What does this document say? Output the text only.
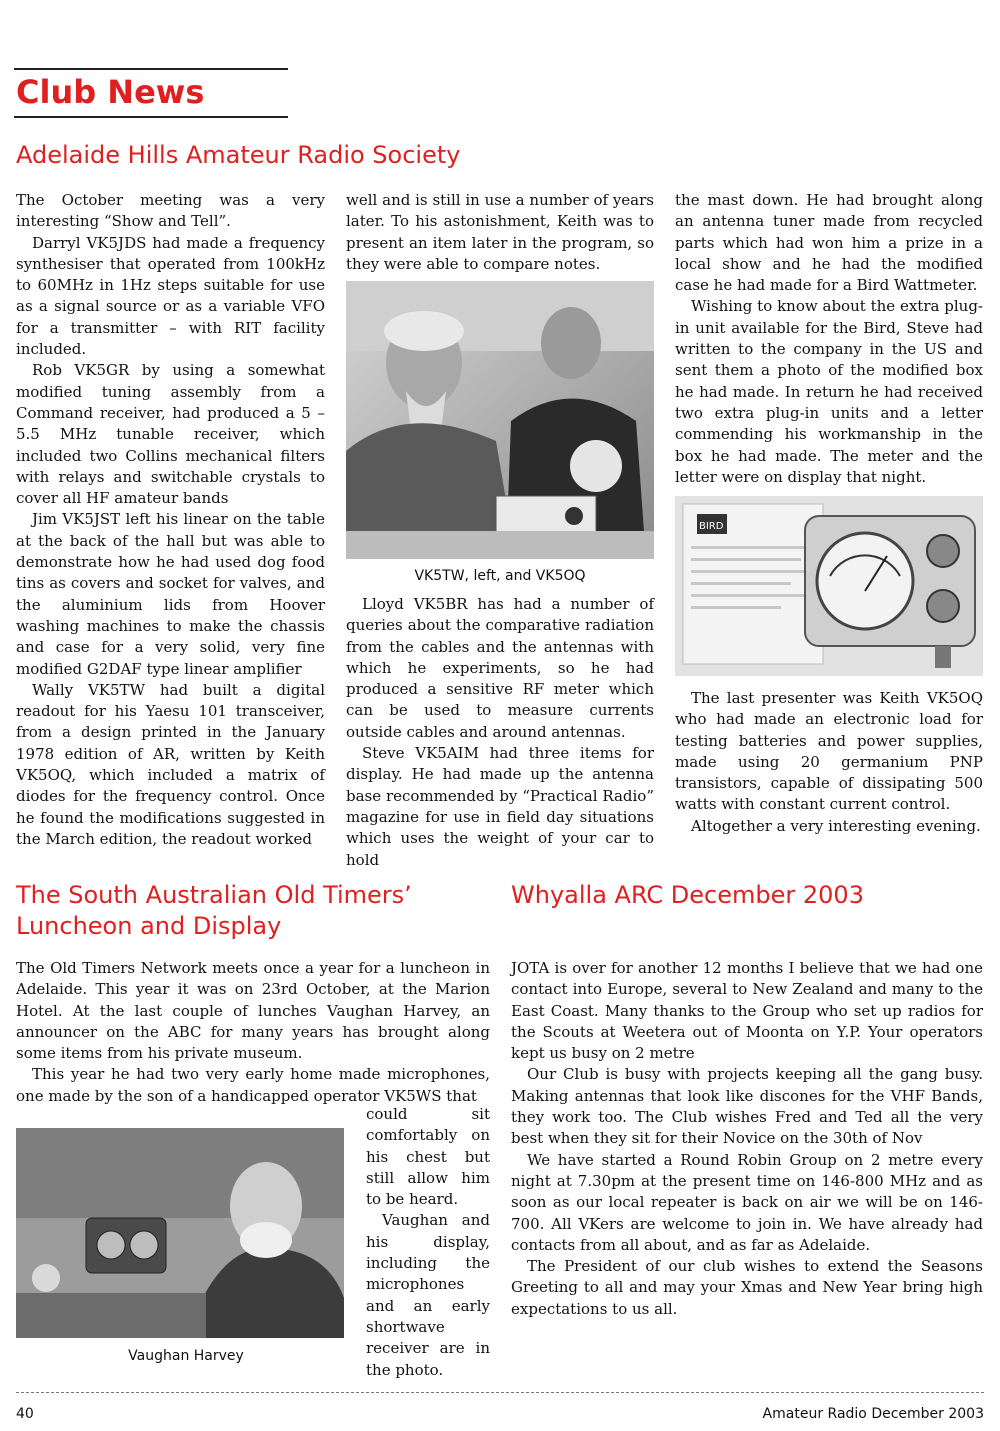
Club News
Adelaide Hills Amateur Radio Society

The October meeting was a very interesting “Show and Tell”.

Darryl VK5JDS had made a frequency synthesiser that operated from 100kHz to 60MHz in 1Hz steps suitable for use as a signal source or as a variable VFO for a transmitter – with RIT facility included.

Rob VK5GR by using a somewhat modified tuning assembly from a Command receiver, had produced a 5 – 5.5 MHz tunable receiver, which included two Collins mechanical filters with relays and switchable crystals to cover all HF amateur bands

Jim VK5JST left his linear on the table at the back of the hall but was able to demonstrate how he had used dog food tins as covers and socket for valves, and the aluminium lids from Hoover washing machines to make the chassis and case for a very solid, very fine modified G2DAF type linear amplifier

Wally VK5TW had built a digital readout for his Yaesu 101 transceiver, from a design printed in the January 1978 edition of AR, written by Keith VK5OQ, which included a matrix of diodes for the frequency control. Once he found the modifications suggested in the March edition, the readout worked

well and is still in use a number of years later. To his astonishment, Keith was to present an item later in the program, so they were able to compare notes.

VK5TW, left, and VK5OQ

Lloyd VK5BR has had a number of queries about the comparative radiation from the cables and the antennas with which he experiments, so he had produced a sensitive RF meter which can be used to measure currents outside cables and around antennas.

Steve VK5AIM had three items for display. He had made up the antenna base recommended by “Practical Radio” magazine for use in field day situations which uses the weight of your car to hold

the mast down. He had brought along an antenna tuner made from recycled parts which had won him a prize in a local show and he had the modified case he had made for a Bird Wattmeter.

Wishing to know about the extra plug-in unit available for the Bird, Steve had written to the company in the US and sent them a photo of the modified box he had made. In return he had received two extra plug-in units and a letter commending his workmanship in the box he had made. The meter and the letter were on display that night.

BIRD

The last presenter was Keith VK5OQ who had made an electronic load for testing batteries and power supplies, made using 20 germanium PNP transistors, capable of dissipating 500 watts with constant current control.

Altogether a very interesting evening.

The South Australian Old Timers’
Luncheon and Display

The Old Timers Network meets once a year for a luncheon in Adelaide. This year it was on 23rd October, at the Marion Hotel. At the last couple of lunches Vaughan Harvey, an announcer on the ABC for many years has brought along some items from his private museum.

This year he had two very early home made microphones, one made by the son of a handicapped operator VK5WS that

Vaughan Harvey

could sit comfortably on his chest but still allow him to be heard.

Vaughan and his display, including the microphones and an early shortwave receiver are in the photo.

Whyalla ARC December 2003

JOTA is over for another 12 months I believe that we had one contact into Europe, several to New Zealand and many to the East Coast. Many thanks to the Group who set up radios for the Scouts at Weetera out of Moonta on Y.P. Your operators kept us busy on 2 metre

Our Club is busy with projects keeping all the gang busy. Making antennas that look like discones for the VHF Bands, they work too. The Club wishes Fred and Ted all the very best when they sit for their Novice on the 30th of Nov

We have started a Round Robin Group on 2 metre every night at 7.30pm at the present time on 146-800 MHz and as soon as our local repeater is back on air we will be on 146-700. All VKers are welcome to join in. We have already had contacts from all about, and as far as Adelaide.

The President of our club wishes to extend the Seasons Greeting to all and may your Xmas and New Year bring high expectations to us all.

40	Amateur Radio December 2003
